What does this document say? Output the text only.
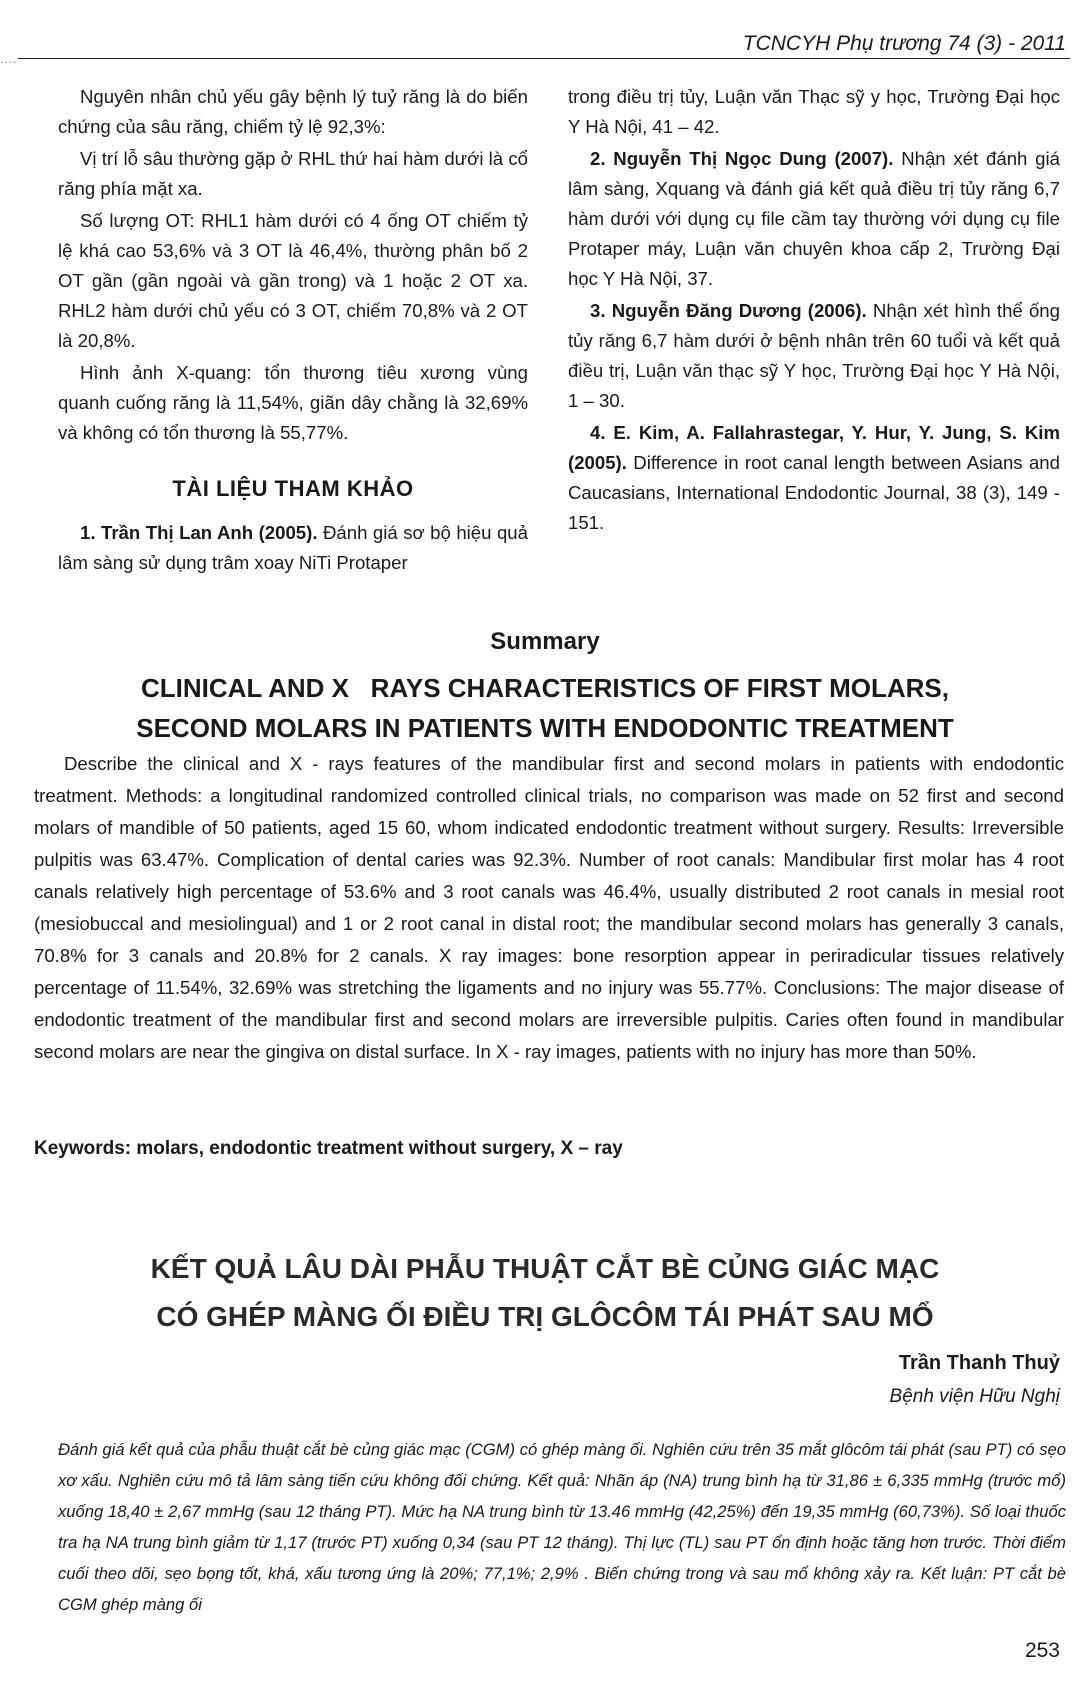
....
TCNCYH Phụ trương 74 (3) - 2011

Nguyên nhân chủ yếu gây bệnh lý tuỷ răng là do biến chứng của sâu răng, chiếm tỷ lệ 92,3%:

Vị trí lỗ sâu thường gặp ở RHL thứ hai hàm dưới là cổ răng phía mặt xa.

Số lượng OT: RHL1 hàm dưới có 4 ống OT chiếm tỷ lệ khá cao 53,6% và 3 OT là 46,4%, thường phân bố 2 OT gần (gần ngoài và gần trong) và 1 hoặc 2 OT xa. RHL2 hàm dưới chủ yếu có 3 OT, chiếm 70,8% và 2 OT là 20,8%.

Hình ảnh X-quang: tổn thương tiêu xương vùng quanh cuống răng là 11,54%, giãn dây chằng là 32,69% và không có tổn thương là 55,77%.

TÀI LIỆU THAM KHẢO

1. Trần Thị Lan Anh (2005). Đánh giá sơ bộ hiệu quả lâm sàng sử dụng trâm xoay NiTi Protaper

trong điều trị tủy, Luận văn Thạc sỹ y học, Trường Đại học Y Hà Nội, 41 – 42.

2. Nguyễn Thị Ngọc Dung (2007). Nhận xét đánh giá lâm sàng, Xquang và đánh giá kết quả điều trị tủy răng 6,7 hàm dưới với dụng cụ file cầm tay thường với dụng cụ file Protaper máy, Luận văn chuyên khoa cấp 2, Trường Đại học Y Hà Nội, 37.

3. Nguyễn Đăng Dương (2006). Nhận xét hình thể ống tủy răng 6,7 hàm dưới ở bệnh nhân trên 60 tuổi và kết quả điều trị, Luận văn thạc sỹ Y học, Trường Đại học Y Hà Nội, 1 – 30.

4. E. Kim, A. Fallahrastegar, Y. Hur, Y. Jung, S. Kim (2005). Difference in root canal length between Asians and Caucasians, International Endodontic Journal, 38 (3), 149 - 151.

Summary
CLINICAL AND X   RAYS CHARACTERISTICS OF FIRST MOLARS,
SECOND MOLARS IN PATIENTS WITH ENDODONTIC TREATMENT

Describe the clinical and X - rays features of the mandibular first and second molars in patients with endodontic treatment. Methods: a longitudinal randomized controlled clinical trials, no comparison was made on 52 first and second molars of mandible of 50 patients, aged 15 60, whom indicated endodontic treatment without surgery. Results: Irreversible pulpitis was 63.47%. Complication of dental caries was 92.3%. Number of root canals: Mandibular first molar has 4 root canals relatively high percentage of 53.6% and 3 root canals was 46.4%, usually distributed 2 root canals in mesial root (mesiobuccal and mesiolingual) and 1 or 2 root canal in distal root; the mandibular second molars has generally 3 canals, 70.8% for 3 canals and 20.8% for 2 canals. X ray images: bone resorption appear in periradicular tissues relatively percentage of 11.54%, 32.69% was stretching the ligaments and no injury was 55.77%. Conclusions: The major disease of endodontic treatment of the mandibular first and second molars are irreversible pulpitis. Caries often found in mandibular second molars are near the gingiva on distal surface. In X - ray images, patients with no injury has more than 50%.

Keywords: molars, endodontic treatment without surgery, X – ray
KẾT QUẢ LÂU DÀI PHẪU THUẬT CẮT BÈ CỦNG GIÁC MẠC
CÓ GHÉP MÀNG ỐI ĐIỀU TRỊ GLÔCÔM TÁI PHÁT SAU MỔ
Trần Thanh Thuỷ
Bệnh viện Hữu Nghị

Đánh giá kết quả của phẫu thuật cắt bè củng giác mạc (CGM) có ghép màng ối. Nghiên cứu trên 35 mắt glôcôm tái phát (sau PT) có sẹo xơ xấu. Nghiên cứu mô tả lâm sàng tiến cứu không đối chứng. Kết quả: Nhãn áp (NA) trung bình hạ từ 31,86 ± 6,335 mmHg (trước mổ) xuống 18,40 ± 2,67 mmHg (sau 12 tháng PT). Mức hạ NA trung bình từ 13.46 mmHg (42,25%) đến 19,35 mmHg (60,73%). Số loại thuốc tra hạ NA trung bình giảm từ 1,17 (trước PT) xuống 0,34 (sau PT 12 tháng). Thị lực (TL) sau PT ổn định hoặc tăng hơn trước. Thời điểm cuối theo dõi, sẹo bọng tốt, khá, xấu tương ứng là 20%; 77,1%; 2,9% . Biến chứng trong và sau mổ không xảy ra. Kết luận: PT cắt bè CGM ghép màng ối

253
